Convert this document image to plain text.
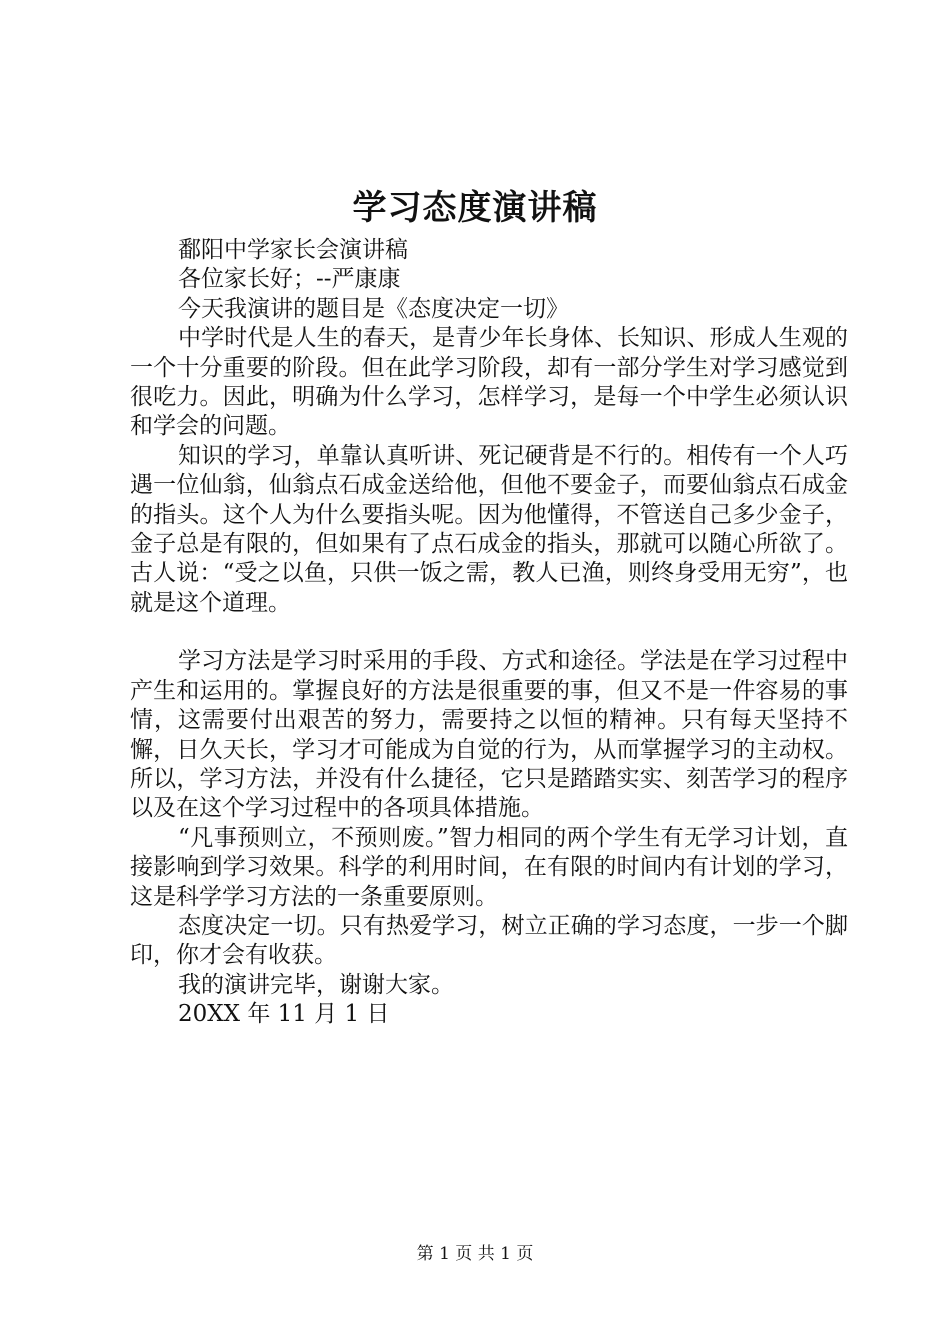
学习态度演讲稿

鄱阳中学家长会演讲稿

各位家长好；--严康康

今天我演讲的题目是《态度决定一切》

中学时代是人生的春天，是青少年长身体、长知识、形成人生观的一个十分重要的阶段。但在此学习阶段，却有一部分学生对学习感觉到很吃力。因此，明确为什么学习，怎样学习，是每一个中学生必须认识和学会的问题。

知识的学习，单靠认真听讲、死记硬背是不行的。相传有一个人巧遇一位仙翁，仙翁点石成金送给他，但他不要金子，而要仙翁点石成金的指头。这个人为什么要指头呢。因为他懂得，不管送自己多少金子，金子总是有限的，但如果有了点石成金的指头，那就可以随心所欲了。古人说：“受之以鱼，只供一饭之需，教人已渔，则终身受用无穷”，也就是这个道理。

学习方法是学习时采用的手段、方式和途径。学法是在学习过程中产生和运用的。掌握良好的方法是很重要的事，但又不是一件容易的事情，这需要付出艰苦的努力，需要持之以恒的精神。只有每天坚持不懈，日久天长，学习才可能成为自觉的行为，从而掌握学习的主动权。所以，学习方法，并没有什么捷径，它只是踏踏实实、刻苦学习的程序以及在这个学习过程中的各项具体措施。

“凡事预则立，不预则废。”智力相同的两个学生有无学习计划，直接影响到学习效果。科学的利用时间，在有限的时间内有计划的学习，这是科学学习方法的一条重要原则。

态度决定一切。只有热爱学习，树立正确的学习态度，一步一个脚印，你才会有收获。

我的演讲完毕，谢谢大家。

20XX 年 11 月 1 日

第 1 页 共 1 页
